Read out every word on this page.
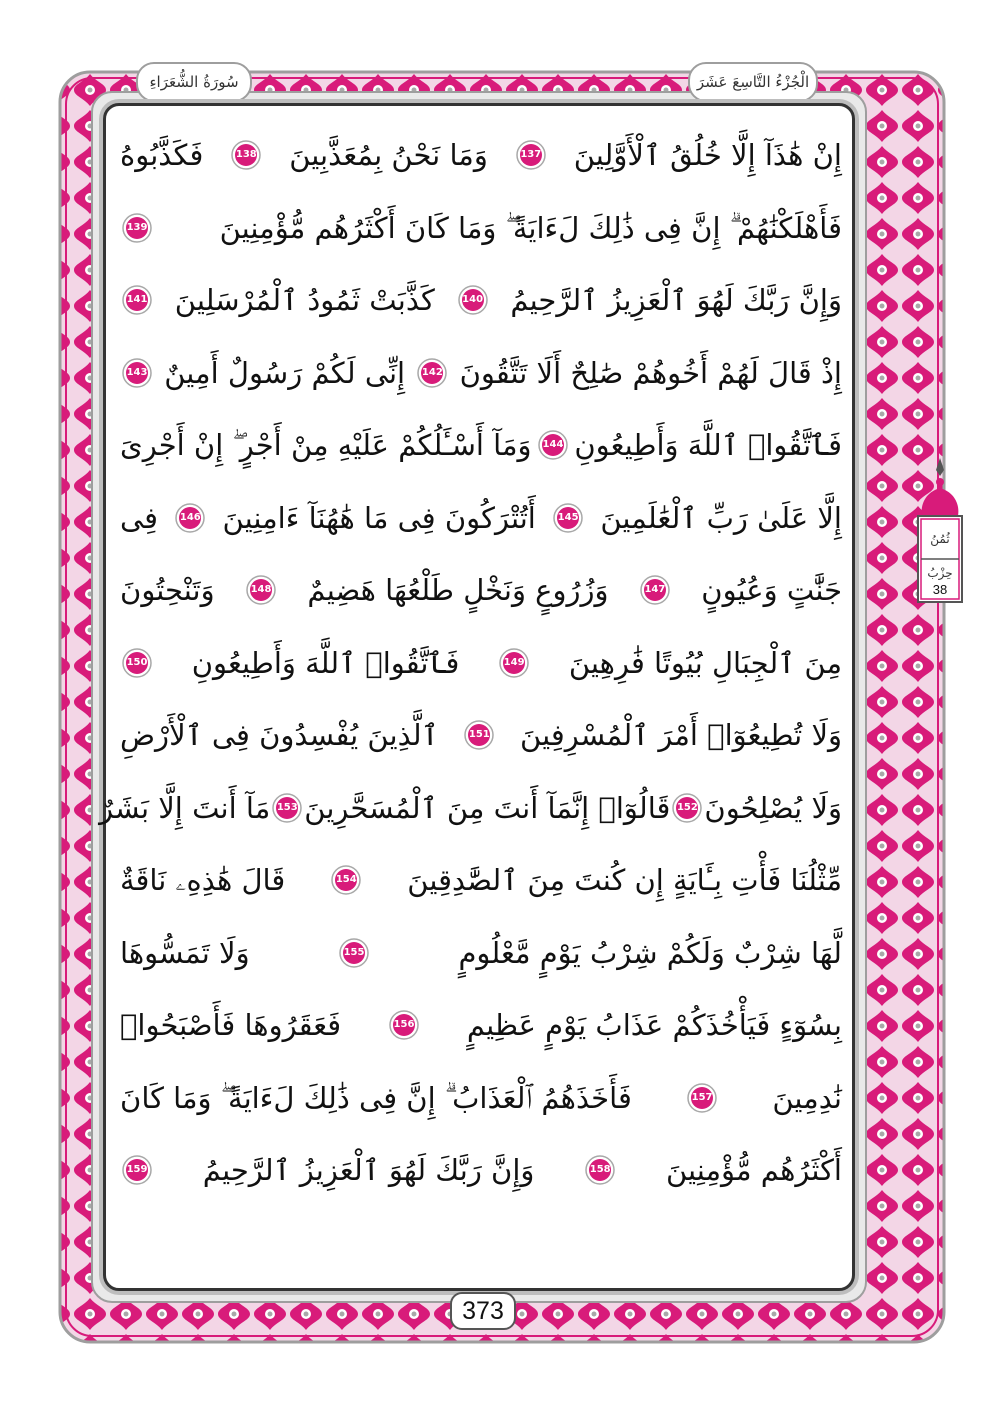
الْجُزْءُ التَّاسِعَ عَشَرَ
سُورَةُ الشُّعَرَاءِ
إِنْ هَٰذَآ إِلَّا خُلُقُ ٱلْأَوَّلِينَ
137
وَمَا نَحْنُ بِمُعَذَّبِينَ
138
فَكَذَّبُوهُ
فَأَهْلَكْنَٰهُمْ ۗ إِنَّ فِى ذَٰلِكَ لَءَايَةً ۖ وَمَا كَانَ أَكْثَرُهُم مُّؤْمِنِينَ
139
وَإِنَّ رَبَّكَ لَهُوَ ٱلْعَزِيزُ ٱلرَّحِيمُ
140
كَذَّبَتْ ثَمُودُ ٱلْمُرْسَلِينَ
141
إِذْ قَالَ لَهُمْ أَخُوهُمْ صَٰلِحٌ أَلَا تَتَّقُونَ
142
إِنِّى لَكُمْ رَسُولٌ أَمِينٌ
143
فَٱتَّقُوا۟ ٱللَّهَ وَأَطِيعُونِ
144
وَمَآ أَسْـَٔلُكُمْ عَلَيْهِ مِنْ أَجْرٍ ۖ إِنْ أَجْرِىَ
إِلَّا عَلَىٰ رَبِّ ٱلْعَٰلَمِينَ
145
أَتُتْرَكُونَ فِى مَا هَٰهُنَآ ءَامِنِينَ
146
فِى
جَنَّٰتٍ وَعُيُونٍ
147
وَزُرُوعٍ وَنَخْلٍ طَلْعُهَا هَضِيمٌ
148
وَتَنْحِتُونَ
مِنَ ٱلْجِبَالِ بُيُوتًا فَٰرِهِينَ
149
فَٱتَّقُوا۟ ٱللَّهَ وَأَطِيعُونِ
150
وَلَا تُطِيعُوٓا۟ أَمْرَ ٱلْمُسْرِفِينَ
151
ٱلَّذِينَ يُفْسِدُونَ فِى ٱلْأَرْضِ
وَلَا يُصْلِحُونَ
152
قَالُوٓا۟ إِنَّمَآ أَنتَ مِنَ ٱلْمُسَحَّرِينَ
153
مَآ أَنتَ إِلَّا بَشَرٌ
مِّثْلُنَا فَأْتِ بِـَٔايَةٍ إِن كُنتَ مِنَ ٱلصَّٰدِقِينَ
154
قَالَ هَٰذِهِۦ نَاقَةٌ
لَّهَا شِرْبٌ وَلَكُمْ شِرْبُ يَوْمٍ مَّعْلُومٍ
155
وَلَا تَمَسُّوهَا
بِسُوٓءٍ فَيَأْخُذَكُمْ عَذَابُ يَوْمٍ عَظِيمٍ
156
فَعَقَرُوهَا فَأَصْبَحُوا۟
نَٰدِمِينَ
157
فَأَخَذَهُمُ ٱلْعَذَابُ ۗ إِنَّ فِى ذَٰلِكَ لَءَايَةً ۖ وَمَا كَانَ
أَكْثَرُهُم مُّؤْمِنِينَ
158
وَإِنَّ رَبَّكَ لَهُوَ ٱلْعَزِيزُ ٱلرَّحِيمُ
159
ثُمُنُ
حِزْبُ
38
373
